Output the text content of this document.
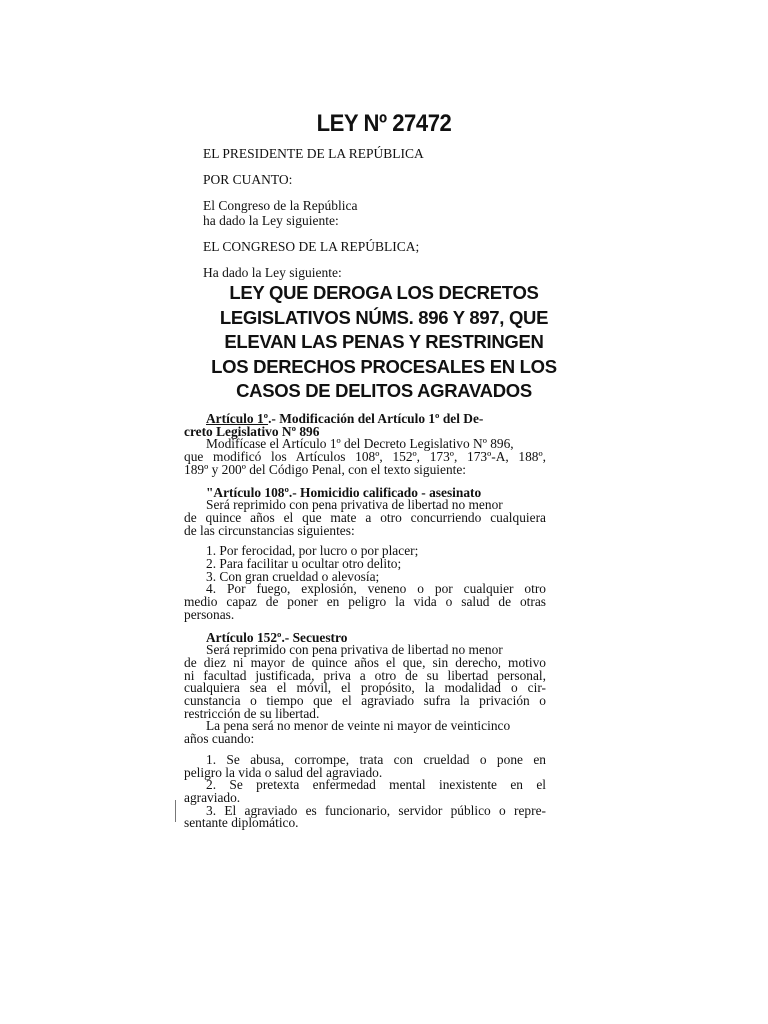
LEY Nº 27472

EL PRESIDENTE DE LA REPÚBLICA

POR CUANTO:

El Congreso de la República
ha dado la Ley siguiente:

EL CONGRESO DE LA REPÚBLICA;

Ha dado la Ley siguiente:

LEY QUE DEROGA LOS DECRETOS
LEGISLATIVOS NÚMS. 896 Y 897, QUE
ELEVAN LAS PENAS Y RESTRINGEN
LOS DERECHOS PROCESALES EN LOS
CASOS DE DELITOS AGRAVADOS
Artículo 1º.- Modificación del Artículo 1º del De-
creto Legislativo Nº 896
Modifícase el Artículo 1º del Decreto Legislativo Nº 896,
que modificó los Artículos 108º, 152º, 173º, 173º-A, 188º,
189º y 200º del Código Penal, con el texto siguiente:
"Artículo 108º.- Homicidio calificado - asesinato
Será reprimido con pena privativa de libertad no menor
de quince años el que mate a otro concurriendo cualquiera
de las circunstancias siguientes:
1. Por ferocidad, por lucro o por placer;
2. Para facilitar u ocultar otro delito;
3. Con gran crueldad o alevosía;
4. Por fuego, explosión, veneno o por cualquier otro
medio capaz de poner en peligro la vida o salud de otras
personas.
Artículo 152º.- Secuestro
Será reprimido con pena privativa de libertad no menor
de diez ni mayor de quince años el que, sin derecho, motivo
ni facultad justificada, priva a otro de su libertad personal,
cualquiera sea el móvil, el propósito, la modalidad o cir-
cunstancia o tiempo que el agraviado sufra la privación o
restricción de su libertad.
La pena será no menor de veinte ni mayor de veinticinco
años cuando:
1. Se abusa, corrompe, trata con crueldad o pone en
peligro la vida o salud del agraviado.
2. Se pretexta enfermedad mental inexistente en el
agraviado.
3. El agraviado es funcionario, servidor público o repre-
sentante diplomático.
